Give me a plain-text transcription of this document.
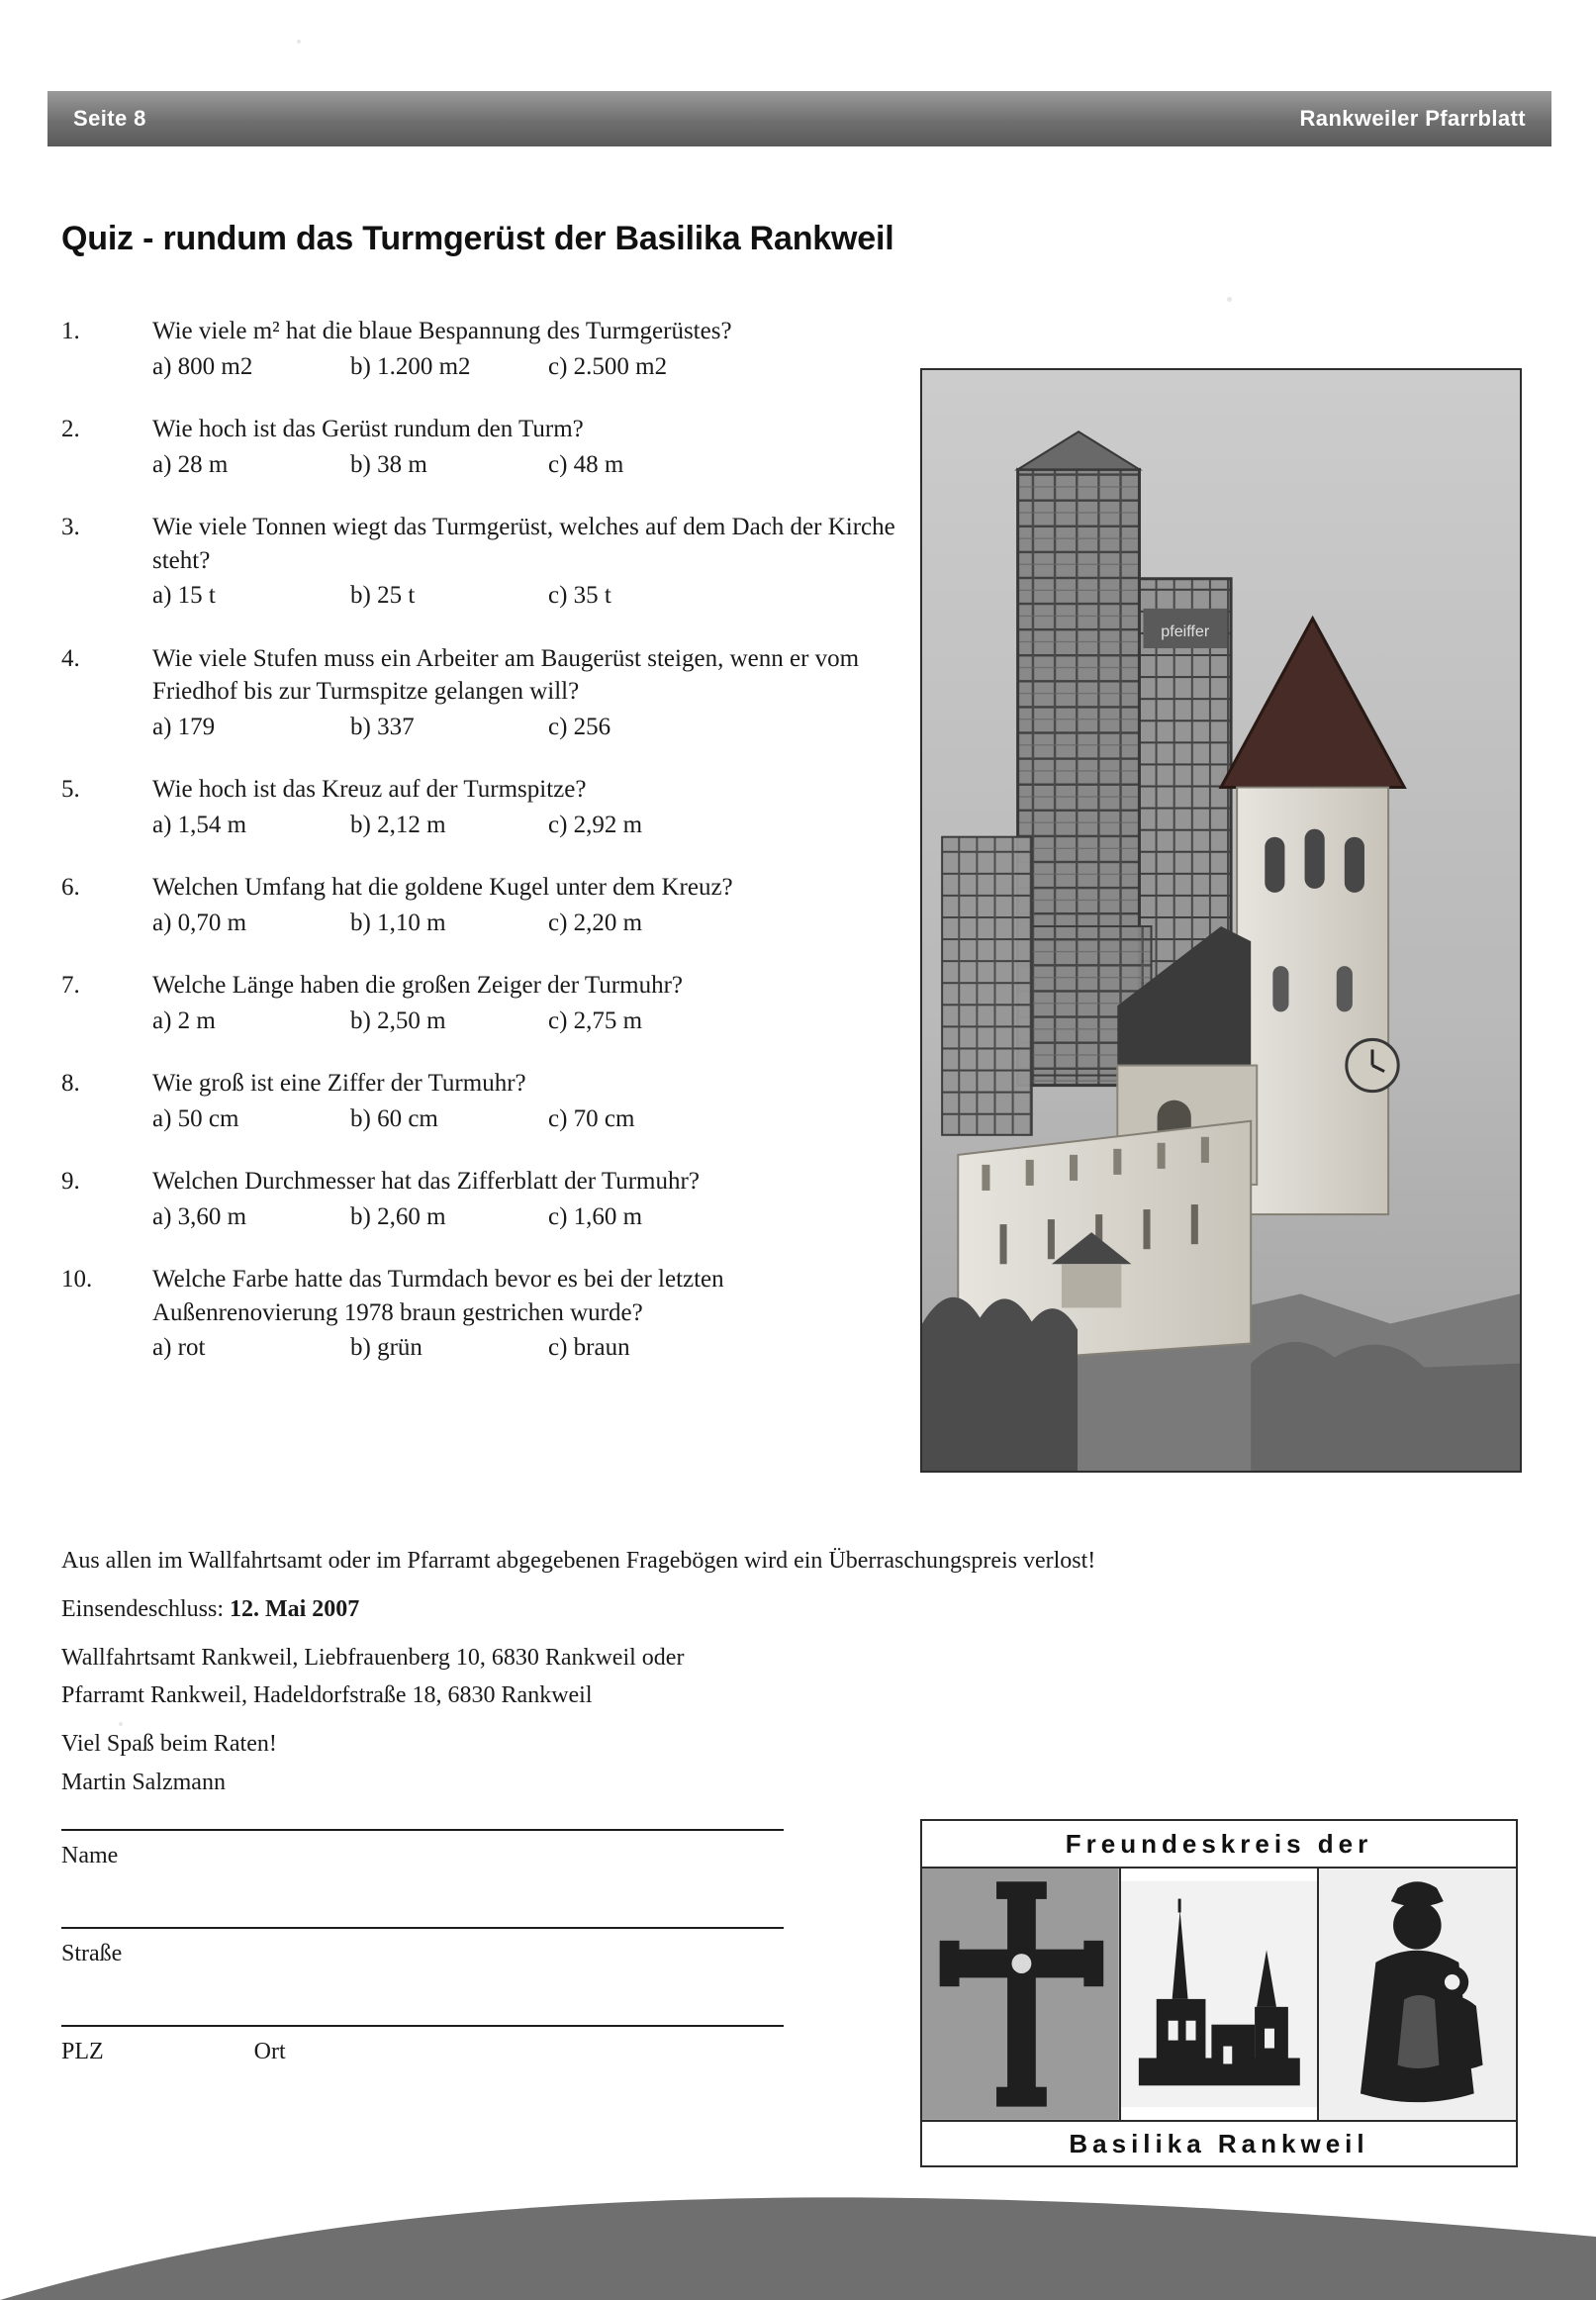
Seite 8	Rankweiler Pfarrblatt
Quiz - rundum das Turmgerüst der Basilika Rankweil
1.	Wie viele m² hat die blaue Bespannung des Turmgerüstes?
a) 800 m2	b) 1.200 m2	c) 2.500 m2
2.	Wie hoch ist das Gerüst rundum den Turm?
a) 28 m	b) 38 m	c) 48 m
3.	Wie viele Tonnen wiegt das Turmgerüst, welches auf dem Dach der Kirche steht?
a) 15 t	b) 25 t	c) 35 t
4.	Wie viele Stufen muss ein Arbeiter am Baugerüst steigen, wenn er vom Friedhof bis zur Turmspitze gelangen will?
a) 179	b) 337	c) 256
5.	Wie hoch ist das Kreuz auf der Turmspitze?
a) 1,54 m	b) 2,12 m	c) 2,92 m
6.	Welchen Umfang hat die goldene Kugel unter dem Kreuz?
a) 0,70 m	b) 1,10 m	c) 2,20 m
7.	Welche Länge haben die großen Zeiger der Turmuhr?
a) 2 m	b) 2,50 m	c) 2,75 m
8.	Wie groß ist eine Ziffer der Turmuhr?
a) 50 cm	b) 60 cm	c) 70 cm
9.	Welchen Durchmesser hat das Zifferblatt der Turmuhr?
a) 3,60 m	b) 2,60 m	c) 1,60 m
10.	Welche Farbe hatte das Turmdach bevor es bei der letzten Außenrenovierung 1978 braun gestrichen wurde?
a) rot	b) grün	c) braun
pfeiffer

Aus allen im Wallfahrtsamt oder im Pfarramt abgegebenen Fragebögen wird ein Überraschungspreis verlost!

Einsendeschluss: 12. Mai 2007

Wallfahrtsamt Rankweil, Liebfrauenberg 10, 6830 Rankweil oder

Pfarramt Rankweil, Hadeldorfstraße 18, 6830 Rankweil

Viel Spaß beim Raten!

Martin Salzmann

Name
Straße
PLZ	Ort
Freundeskreis der
Basilika Rankweil
